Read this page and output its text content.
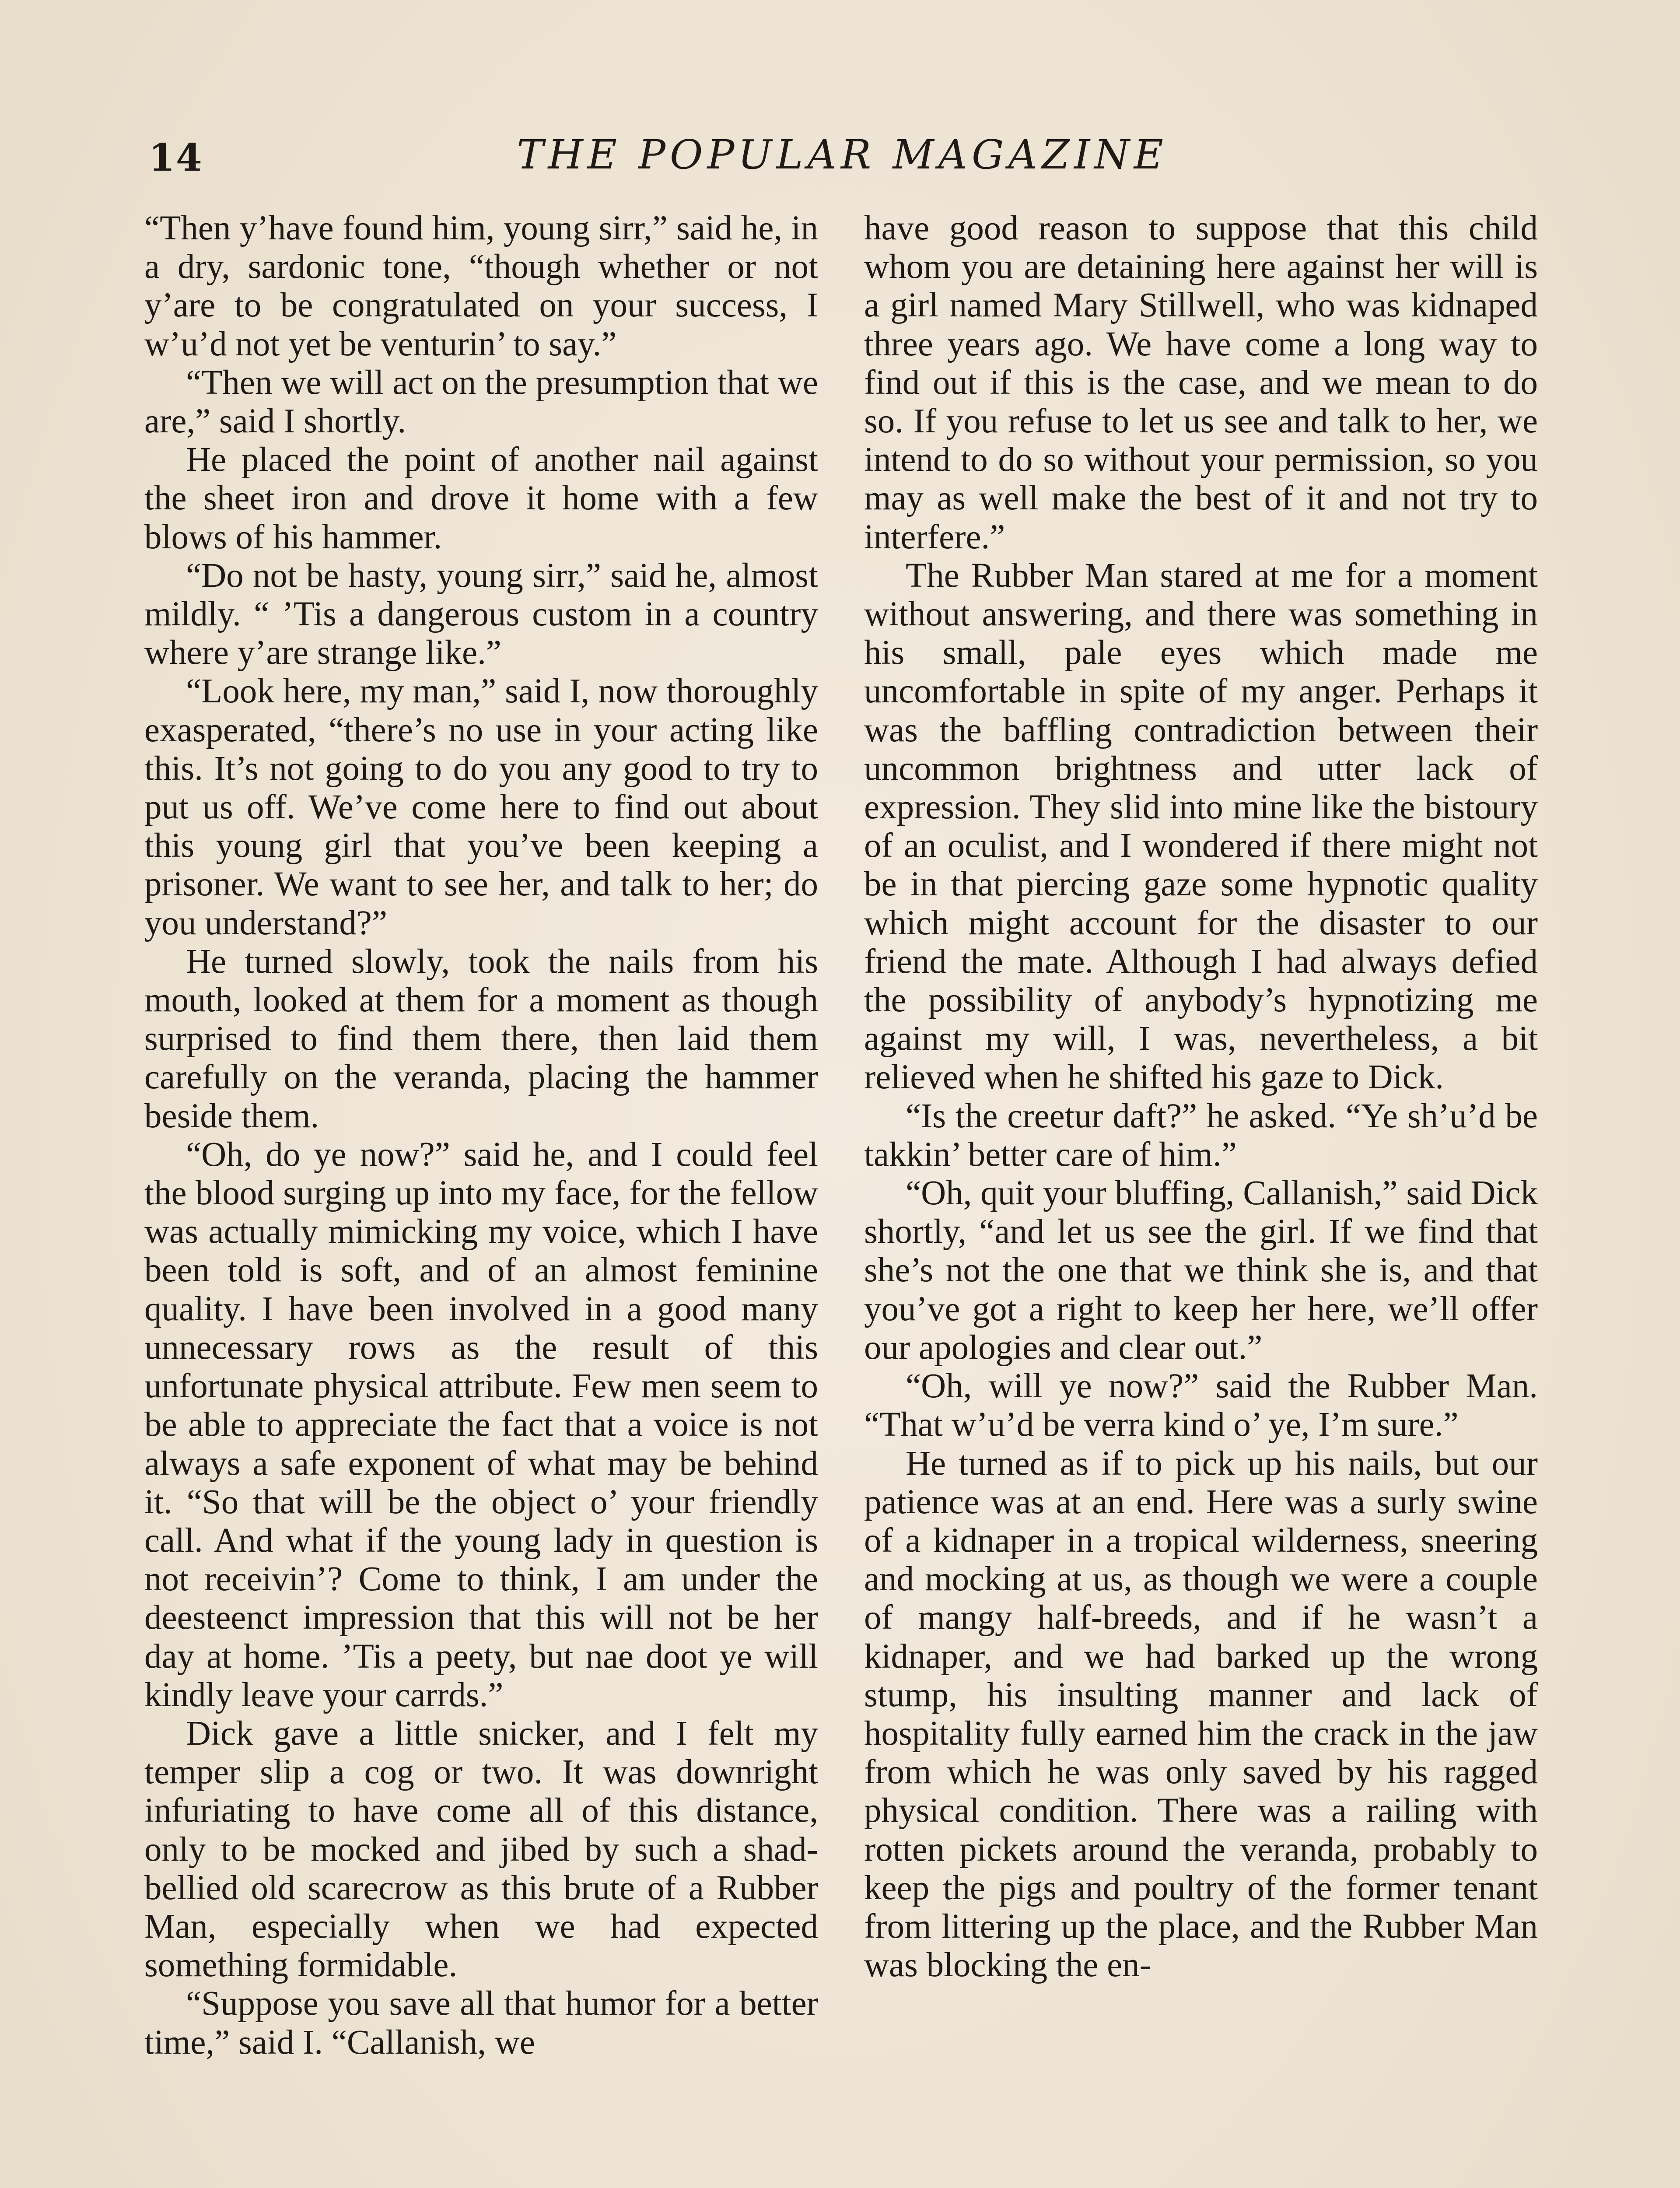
14	THE POPULAR MAGAZINE

“Then y’have found him, young sirr,” said he, in a dry, sardonic tone, “though whether or not y’are to be congratulated on your success, I w’u’d not yet be venturin’ to say.”

“Then we will act on the presumption that we are,” said I shortly.

He placed the point of another nail against the sheet iron and drove it home with a few blows of his hammer.

“Do not be hasty, young sirr,” said he, almost mildly. “ ’Tis a dangerous custom in a country where y’are strange like.”

“Look here, my man,” said I, now thoroughly exasperated, “there’s no use in your acting like this. It’s not going to do you any good to try to put us off. We’ve come here to find out about this young girl that you’ve been keeping a prisoner. We want to see her, and talk to her; do you understand?”

He turned slowly, took the nails from his mouth, looked at them for a moment as though surprised to find them there, then laid them carefully on the veranda, placing the hammer beside them.

“Oh, do ye now?” said he, and I could feel the blood surging up into my face, for the fellow was actually mimicking my voice, which I have been told is soft, and of an almost feminine quality. I have been involved in a good many unnecessary rows as the result of this unfortunate physical attribute. Few men seem to be able to appreciate the fact that a voice is not always a safe exponent of what may be behind it. “So that will be the object o’ your friendly call. And what if the young lady in question is not receivin’? Come to think, I am under the deesteenct impression that this will not be her day at home. ’Tis a peety, but nae doot ye will kindly leave your carrds.”

Dick gave a little snicker, and I felt my temper slip a cog or two. It was downright infuriating to have come all of this distance, only to be mocked and jibed by such a shad-bellied old scarecrow as this brute of a Rubber Man, especially when we had expected something formidable.

“Suppose you save all that humor for a better time,” said I. “Callanish, we

have good reason to suppose that this child whom you are detaining here against her will is a girl named Mary Stillwell, who was kidnaped three years ago. We have come a long way to find out if this is the case, and we mean to do so. If you refuse to let us see and talk to her, we intend to do so without your permission, so you may as well make the best of it and not try to interfere.”

The Rubber Man stared at me for a moment without answering, and there was something in his small, pale eyes which made me uncomfortable in spite of my anger. Perhaps it was the baffling contradiction between their uncommon brightness and utter lack of expression. They slid into mine like the bistoury of an oculist, and I wondered if there might not be in that piercing gaze some hypnotic quality which might account for the disaster to our friend the mate. Although I had always defied the possibility of anybody’s hypnotizing me against my will, I was, nevertheless, a bit relieved when he shifted his gaze to Dick.

“Is the creetur daft?” he asked. “Ye sh’u’d be takkin’ better care of him.”

“Oh, quit your bluffing, Callanish,” said Dick shortly, “and let us see the girl. If we find that she’s not the one that we think she is, and that you’ve got a right to keep her here, we’ll offer our apologies and clear out.”

“Oh, will ye now?” said the Rubber Man. “That w’u’d be verra kind o’ ye, I’m sure.”

He turned as if to pick up his nails, but our patience was at an end. Here was a surly swine of a kidnaper in a tropical wilderness, sneering and mocking at us, as though we were a couple of mangy half-breeds, and if he wasn’t a kidnaper, and we had barked up the wrong stump, his insulting manner and lack of hospitality fully earned him the crack in the jaw from which he was only saved by his ragged physical condition. There was a railing with rotten pickets around the veranda, probably to keep the pigs and poultry of the former tenant from littering up the place, and the Rubber Man was blocking the en-
